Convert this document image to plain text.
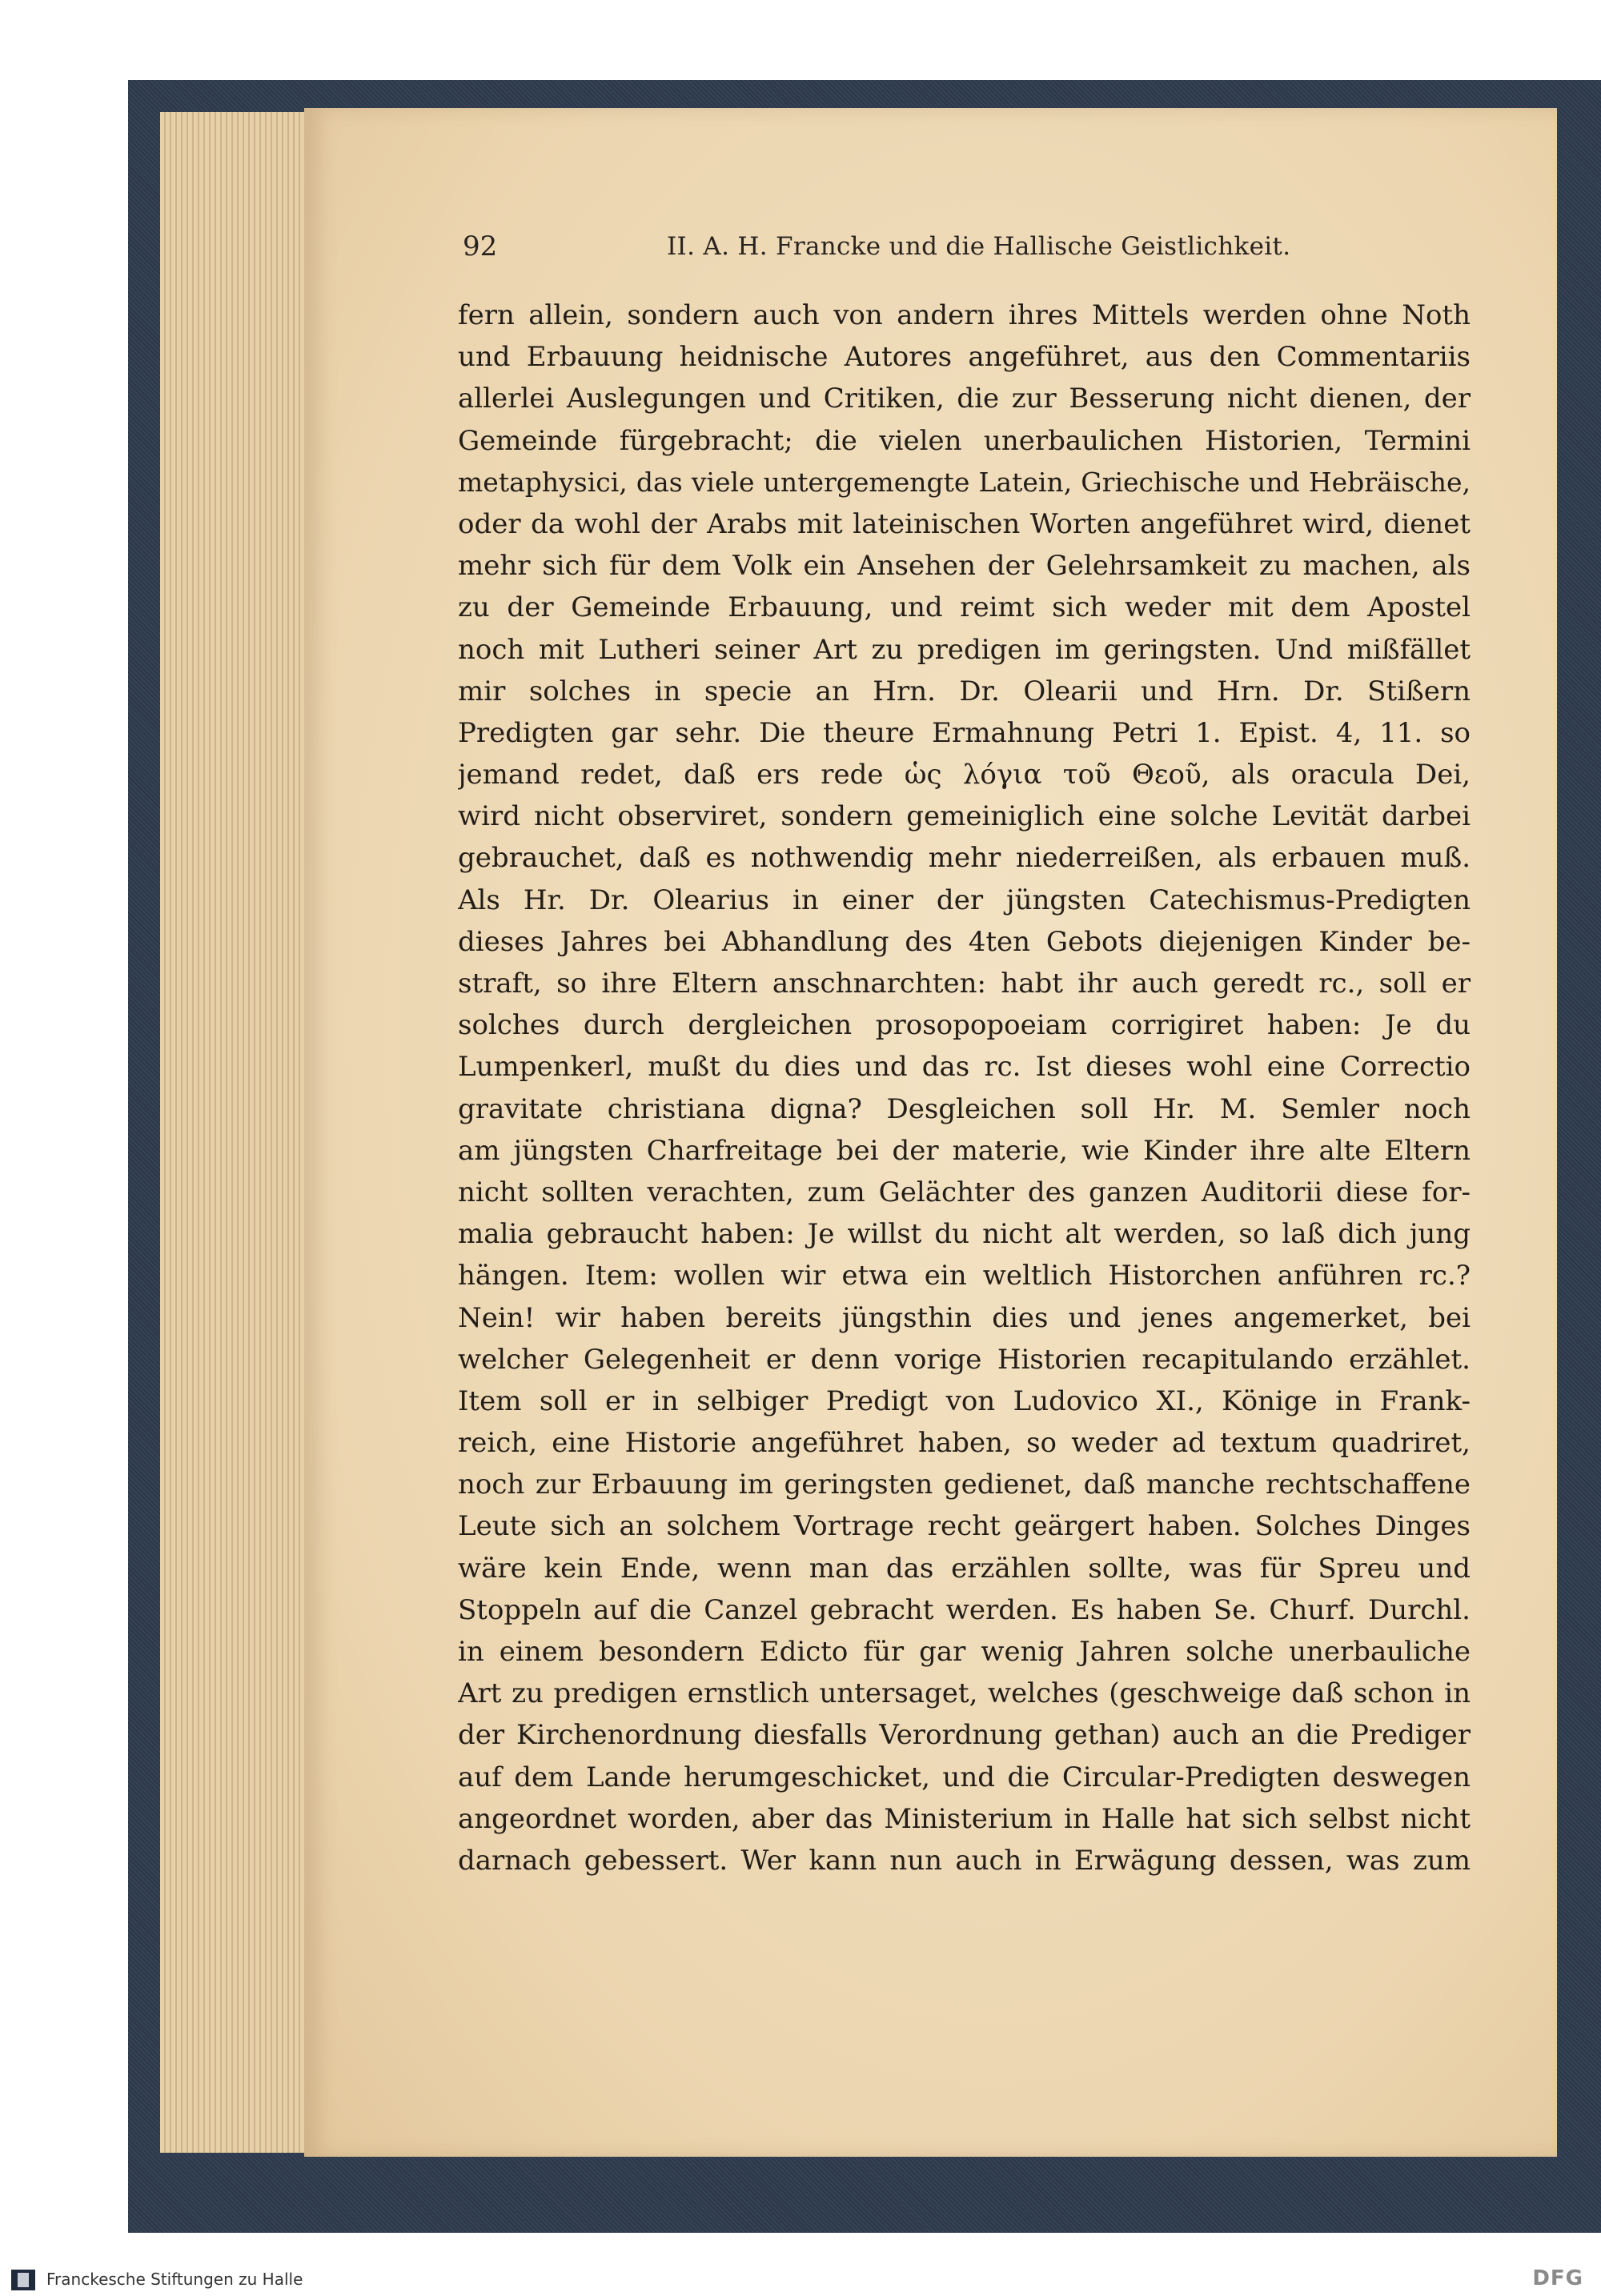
92	II. A. H. Francke und die Hallische Geistlichkeit.
fern allein, sondern auch von andern ihres Mittels werden ohne Noth
und Erbauung heidnische Autores angeführet, aus den Commentariis
allerlei Auslegungen und Critiken, die zur Besserung nicht dienen, der
Gemeinde fürgebracht; die vielen unerbaulichen Historien, Termini
metaphysici, das viele untergemengte Latein, Griechische und Hebräische,
oder da wohl der Arabs mit lateinischen Worten angeführet wird, dienet
mehr sich für dem Volk ein Ansehen der Gelehrsamkeit zu machen, als
zu der Gemeinde Erbauung, und reimt sich weder mit dem Apostel
noch mit Lutheri seiner Art zu predigen im geringsten. Und mißfället
mir solches in specie an Hrn. Dr. Olearii und Hrn. Dr. Stißern
Predigten gar sehr. Die theure Ermahnung Petri 1. Epist. 4, 11. so
jemand redet, daß ers rede ὡς λόγια τοῦ Θεοῦ, als oracula Dei,
wird nicht observiret, sondern gemeiniglich eine solche Levität darbei
gebrauchet, daß es nothwendig mehr niederreißen, als erbauen muß.
Als Hr. Dr. Olearius in einer der jüngsten Catechismus-Predigten
dieses Jahres bei Abhandlung des 4ten Gebots diejenigen Kinder be-
straft, so ihre Eltern anschnarchten: habt ihr auch geredt rc., soll er
solches durch dergleichen prosopopoeiam corrigiret haben: Je du
Lumpenkerl, mußt du dies und das rc. Ist dieses wohl eine Correctio
gravitate christiana digna? Desgleichen soll Hr. M. Semler noch
am jüngsten Charfreitage bei der materie, wie Kinder ihre alte Eltern
nicht sollten verachten, zum Gelächter des ganzen Auditorii diese for-
malia gebraucht haben: Je willst du nicht alt werden, so laß dich jung
hängen. Item: wollen wir etwa ein weltlich Historchen anführen rc.?
Nein! wir haben bereits jüngsthin dies und jenes angemerket, bei
welcher Gelegenheit er denn vorige Historien recapitulando erzählet.
Item soll er in selbiger Predigt von Ludovico XI., Könige in Frank-
reich, eine Historie angeführet haben, so weder ad textum quadriret,
noch zur Erbauung im geringsten gedienet, daß manche rechtschaffene
Leute sich an solchem Vortrage recht geärgert haben. Solches Dinges
wäre kein Ende, wenn man das erzählen sollte, was für Spreu und
Stoppeln auf die Canzel gebracht werden. Es haben Se. Churf. Durchl.
in einem besondern Edicto für gar wenig Jahren solche unerbauliche
Art zu predigen ernstlich untersaget, welches (geschweige daß schon in
der Kirchenordnung diesfalls Verordnung gethan) auch an die Prediger
auf dem Lande herumgeschicket, und die Circular-Predigten deswegen
angeordnet worden, aber das Ministerium in Halle hat sich selbst nicht
darnach gebessert. Wer kann nun auch in Erwägung dessen, was zum
Franckesche Stiftungen zu Halle	DFG
